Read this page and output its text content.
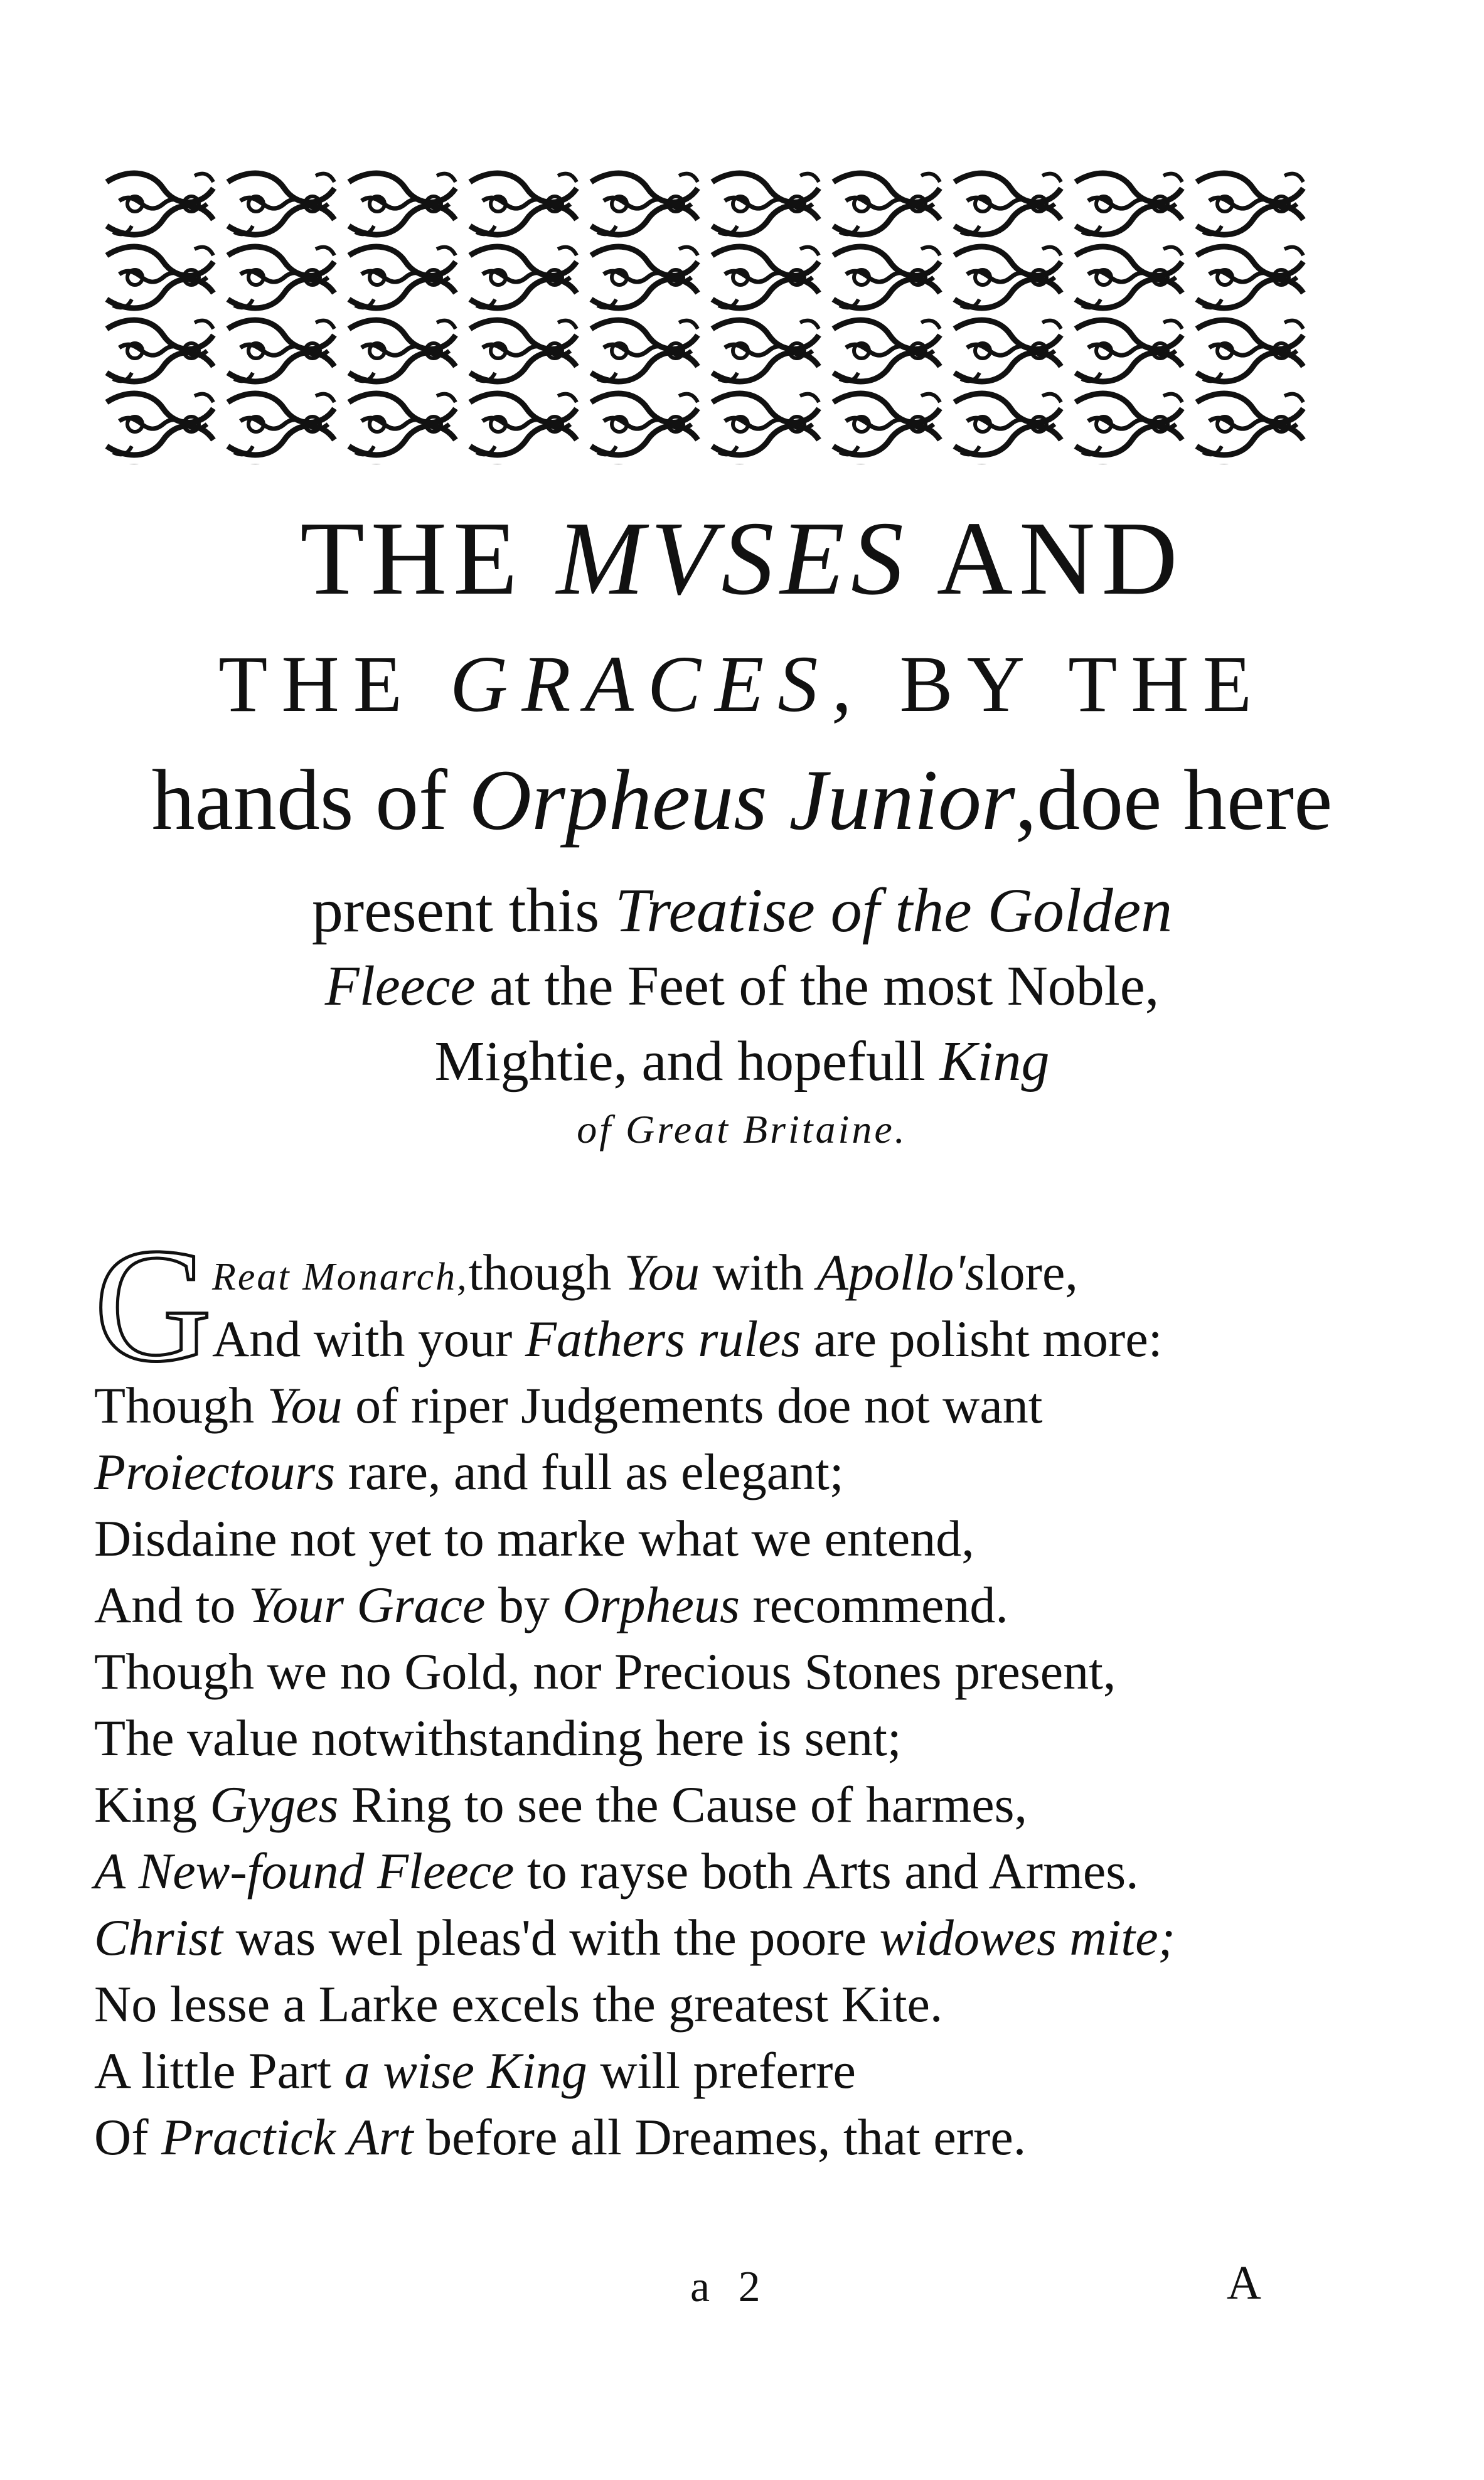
THE MVSES AND
THE GRACES, BY THE
hands of Orpheus Junior,doe here
present this Treatise of the Golden
Fleece at the Feet of the most Noble,
Mightie, and hopefull King
of Great Britaine.
G Reat Monarch,though You with Apollo'slore,
And with your Fathers rules are polisht more:
Though You of riper Judgements doe not want
Proiectours rare, and full as elegant;
Disdaine not yet to marke what we entend,
And to Your Grace by Orpheus recommend.
Though we no Gold, nor Precious Stones present,
The value notwithstanding here is sent;
King Gyges Ring to see the Cause of harmes,
A New-found Fleece to rayse both Arts and Armes.
Christ was wel pleas'd with the poore widowes mite;
No lesse a Larke excels the greatest Kite.
A little Part a wise King will preferre
Of Practick Art before all Dreames, that erre.
a 2	A
